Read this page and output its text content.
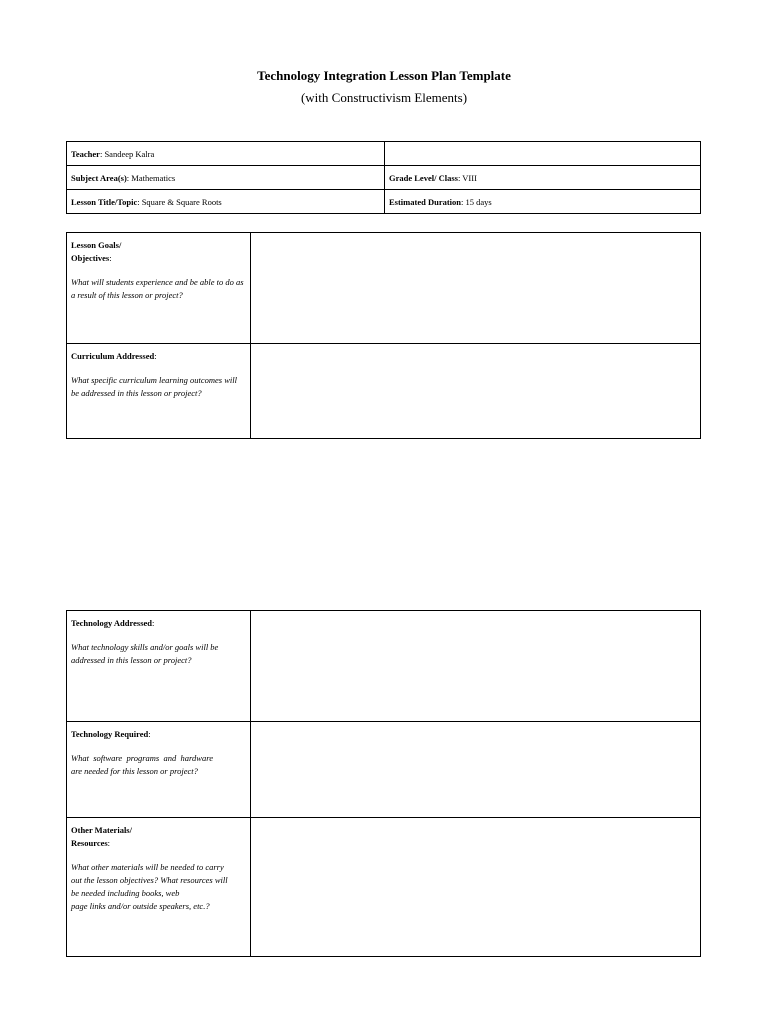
Technology Integration Lesson Plan Template
(with Constructivism Elements)
Teacher: Sandeep Kalra	
Subject Area(s): Mathematics	Grade Level/ Class: VIII
Lesson Title/Topic: Square & Square Roots	Estimated Duration: 15 days
Lesson Goals/
Objectives:
What will students experience and be able to do as a result of this lesson or project?	

Curriculum Addressed:
What specific curriculum learning outcomes will be addressed in this lesson or project?	

Technology Addressed:
What technology skills and/or goals will be addressed in this lesson or project?	

Technology Required:
What software programs and hardware are needed for this lesson or project?	

Other Materials/
Resources:
What other materials will be needed to carry out the lesson objectives? What resources will be needed including books, web
page links and/or outside speakers, etc.?	
